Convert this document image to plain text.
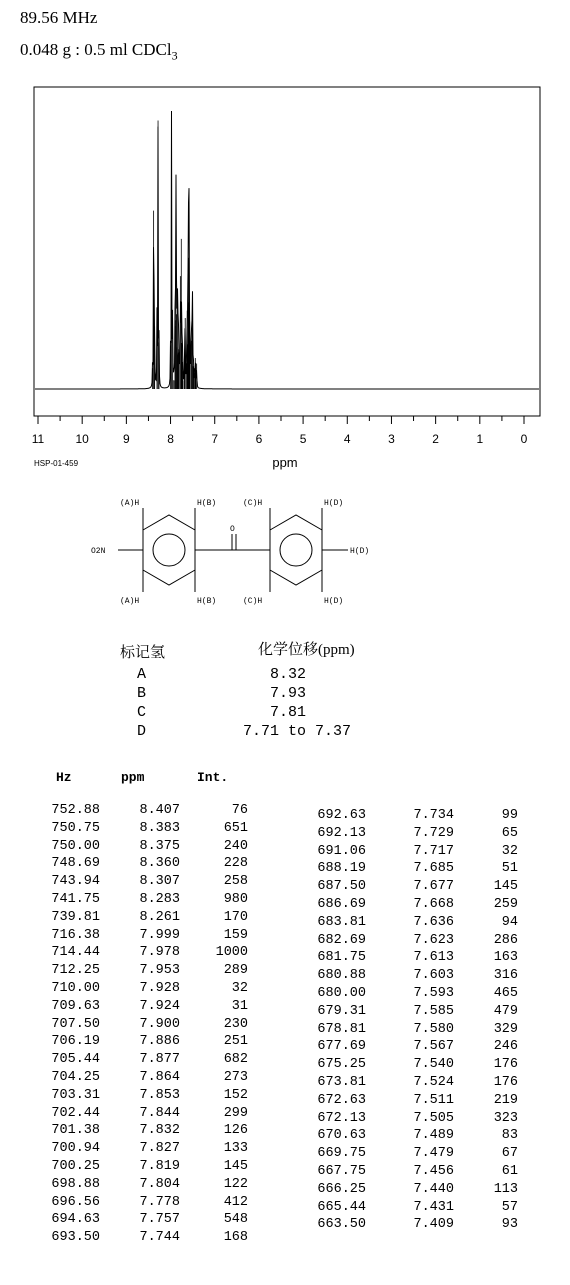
89.56 MHz
0.048 g : 0.5 ml CDCl$_3$
11	10	9	8	7	6	5	4	3	2	1	0
ppm
HSP-01-459
(A)H	H(B)	(C)H	H(D)
(A)H	H(B)	(C)H	H(D)
H(D)
O2N
O
标记氢	化学位移(ppm)
A	8.32
B	7.93
C	7.81
D	7.71 to 7.37
Hz	ppm	Int.
752.88	8.407	76
750.75	8.383	651
750.00	8.375	240
748.69	8.360	228
743.94	8.307	258
741.75	8.283	980
739.81	8.261	170
716.38	7.999	159
714.44	7.978	1000
712.25	7.953	289
710.00	7.928	32
709.63	7.924	31
707.50	7.900	230
706.19	7.886	251
705.44	7.877	682
704.25	7.864	273
703.31	7.853	152
702.44	7.844	299
701.38	7.832	126
700.94	7.827	133
700.25	7.819	145
698.88	7.804	122
696.56	7.778	412
694.63	7.757	548
693.50	7.744	168
692.63	7.734	99
692.13	7.729	65
691.06	7.717	32
688.19	7.685	51
687.50	7.677	145
686.69	7.668	259
683.81	7.636	94
682.69	7.623	286
681.75	7.613	163
680.88	7.603	316
680.00	7.593	465
679.31	7.585	479
678.81	7.580	329
677.69	7.567	246
675.25	7.540	176
673.81	7.524	176
672.63	7.511	219
672.13	7.505	323
670.63	7.489	83
669.75	7.479	67
667.75	7.456	61
666.25	7.440	113
665.44	7.431	57
663.50	7.409	93
